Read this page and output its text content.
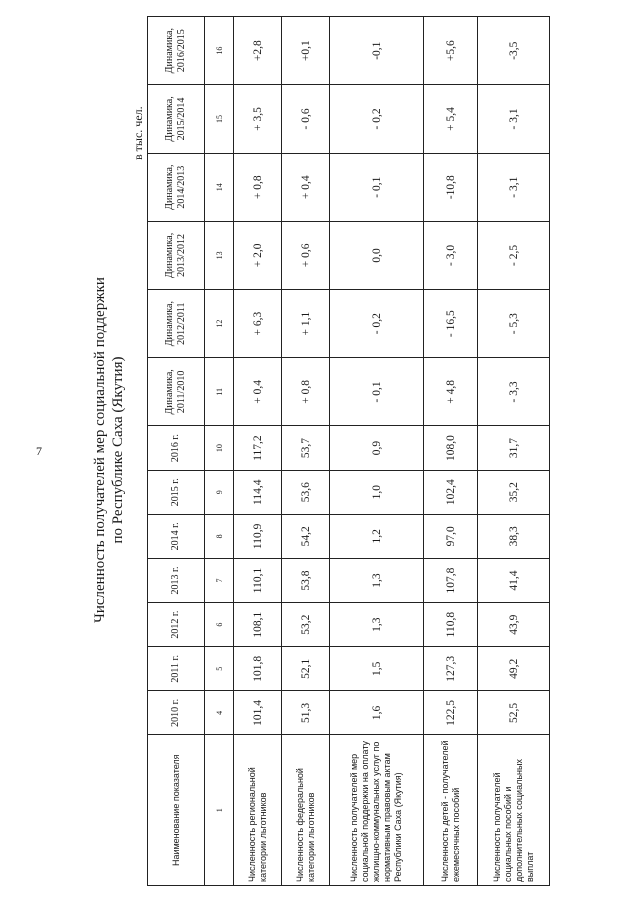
7	Численность получателей мер социальной поддержки по Республике Саха (Якутия)
в тыс. чел.
Наименование показателя	2010 г.	2011 г.	2012 г.	2013 г.	2014 г.	2015 г.	2016 г.	Динамика, 2011/2010	Динамика, 2012/2011	Динамика, 2013/2012	Динамика, 2014/2013	Динамика, 2015/2014	Динамика, 2016/2015
1	4	5	6	7	8	9	10	11	12	13	14	15	16
Численность региональной категории льготников	101,4	101,8	108,1	110,1	110,9	114,4	117,2	+ 0,4	+ 6,3	+ 2,0	+ 0,8	+ 3,5	+2,8
Численность федеральной категории льготников	51,3	52,1	53,2	53,8	54,2	53,6	53,7	+ 0,8	+ 1,1	+ 0,6	+ 0,4	- 0,6	+0,1
Численность получателей мер социальной поддержки на оплату жилищно-коммунальных услуг по нормативным правовым актам Республики Саха (Якутия)	1,6	1,5	1,3	1,3	1,2	1,0	0,9	- 0,1	- 0,2	0,0	- 0,1	- 0,2	-0,1
Численность детей - получателей ежемесячных пособий	122,5	127,3	110,8	107,8	97,0	102,4	108,0	+ 4,8	- 16,5	- 3,0	-10,8	+ 5,4	+5,6
Численность получателей социальных пособий и дополнительных социальных выплат	52,5	49,2	43,9	41,4	38,3	35,2	31,7	- 3,3	- 5,3	- 2,5	- 3,1	- 3,1	-3,5
